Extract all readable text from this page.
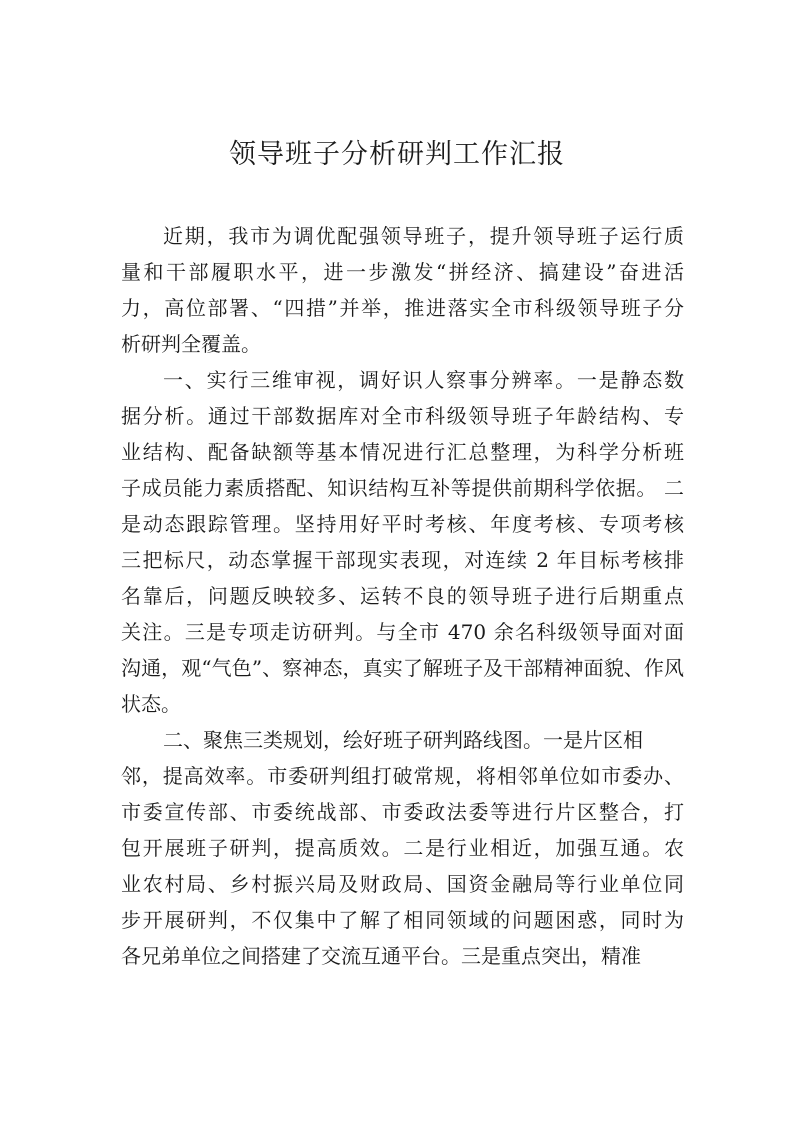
领导班子分析研判工作汇报
近期，我市为调优配强领导班子，提升领导班子运行质
量和干部履职水平，进一步激发“拼经济、搞建设”奋进活
力，高位部署、“四措”并举，推进落实全市科级领导班子分
析研判全覆盖。
一、实行三维审视，调好识人察事分辨率。一是静态数
据分析。通过干部数据库对全市科级领导班子年龄结构、专
业结构、配备缺额等基本情况进行汇总整理，为科学分析班
子成员能力素质搭配、知识结构互补等提供前期科学依据。 二
是动态跟踪管理。坚持用好平时考核、年度考核、专项考核
三把标尺，动态掌握干部现实表现，对连续 2 年目标考核排
名靠后，问题反映较多、运转不良的领导班子进行后期重点
关注。三是专项走访研判。与全市 470 余名科级领导面对面
沟通，观“气色”、察神态，真实了解班子及干部精神面貌、作风
状态。
二、聚焦三类规划，绘好班子研判路线图。一是片区相
邻，提高效率。市委研判组打破常规，将相邻单位如市委办、
市委宣传部、市委统战部、市委政法委等进行片区整合，打
包开展班子研判，提高质效。二是行业相近，加强互通。农
业农村局、乡村振兴局及财政局、国资金融局等行业单位同
步开展研判，不仅集中了解了相同领域的问题困惑，同时为
各兄弟单位之间搭建了交流互通平台。三是重点突出，精准
